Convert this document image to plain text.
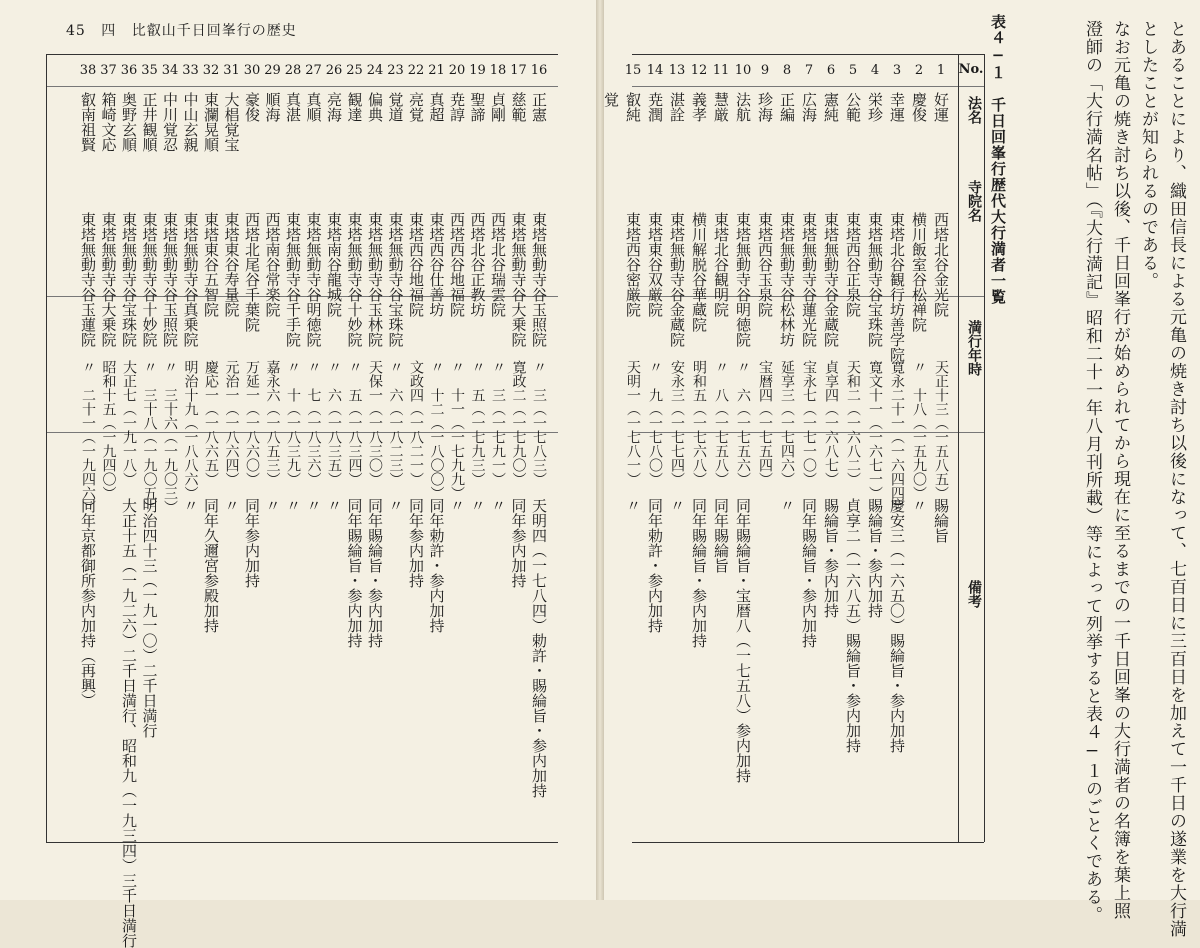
45 四 比叡山千日回峯行の歴史
16
正憲
東塔無動寺谷玉照院
〃　三（一七八三）
天明四（一七八四）勅許・賜綸旨・参内加持
17
慈範
東塔無動寺谷大乗院
寛政二（一七九〇）
同年参内加持
18
貞剛
西塔北谷瑞雲院
〃　三（一七九一）
〃
19
聖諦
西塔北谷正教坊
〃　五（一七九三）
〃
20
尭諄
西塔西谷地福院
〃　十一（一七九九）
〃
21
真超
東塔西谷仕善坊
〃　十二（一八〇〇）
同年勅許・参内加持
22
亮覚
東塔西谷地福院
文政四（一八二一）
同年参内加持
23
覚道
東塔無動寺谷宝珠院
〃　六（一八二三）
〃
24
偏典
東塔無動寺谷玉林院
天保一（一八三〇）
同年賜綸旨・参内加持
25
観達
東塔無動寺谷十妙院
〃　五（一八三四）
同年賜綸旨・参内加持
26
亮海
東塔南谷龍城院
〃　六（一八三五）
〃
27
真順
東塔無動寺谷明徳院
〃　七（一八三六）
〃
28
真湛
東塔無動寺谷千手院
〃　十（一八三九）
〃
29
順海
西塔南谷常楽院
嘉永六（一八五三）
〃
30
豪俊
西塔北尾谷千葉院
万延一（一八六〇）
同年参内加持
31
大椙覚宝
東塔東谷寿量院
元治一（一八六四）
〃
32
東瀾晃順
東塔東谷五智院
慶応一（一八六五）
同年久邇宮参殿加持
33
中山玄親
東塔無動寺谷真乗院
明治十九（一八八六）
〃
34
中川覚忍
東塔無動寺谷玉照院
〃　三十六（一九〇三）
35
正井観順
東塔無動寺谷十妙院
〃　三十八（一九〇五）
明治四十三（一九一〇）二千日満行
36
奥野玄順
東塔無動寺谷宝珠院
大正七（一九一八）
大正十五（一九二六）二千日満行、昭和九（一九三四）三千日満行
37
箱崎文応
東塔無動寺谷大乗院
昭和十五（一九四〇）
38
叡南祖賢
東塔無動寺谷玉蓮院
〃　二十一（一九四六）
同年京都御所参内加持（再興）	とあることにより、織田信長による元亀の焼き討ち以後になって、七百日に三百日を加えて一千日の遂業を大行満
としたことが知られるのである。
なお元亀の焼き討ち以後、千日回峯行が始められてから現在に至るまでの一千日回峯の大行満者の名簿を葉上照
澄師の「大行満名帖」（『大行満記』昭和二十一年八月刊所載）等によって列挙すると表４−１のごとくである。
表４−１　千日回峯行歴代大行満者一覧
No.
法名
寺院名
満行年時
備考
1
好運
西塔北谷金光院
天正十三（一五八五）
賜綸旨
2
慶俊
横川飯室谷松禅院
〃　十八（一五九〇）
〃
3
幸運
東塔北谷観行坊善学院
寛永二十一（一六四四）
慶安三（一六五〇）賜綸旨・参内加持
4
栄珍
東塔無動寺谷宝珠院
寛文十一（一六七一）
賜綸旨・参内加持
5
公範
東塔西谷正泉院
天和二（一六八二）
貞享二（一六八五）賜綸旨・参内加持
6
憲純
東塔無動寺谷金蔵院
貞享四（一六八七）
賜綸旨・参内加持
7
広海
東塔無動寺谷蓮光院
宝永七（一七一〇）
同年賜綸旨・参内加持
8
正編
東塔無動寺谷松林坊
延享三（一七四六）
〃
9
珍海
東塔西谷玉泉院
宝暦四（一七五四）
10
法航
東塔無動寺谷明徳院
〃　六（一七五六）
同年賜綸旨・宝暦八（一七五八）参内加持
11
慧厳
東塔北谷観明院
〃　八（一七五八）
同年賜綸旨
12
義孝
横川解脱谷華蔵院
明和五（一七六八）
同年賜綸旨・参内加持
13
湛詮
東塔無動寺谷金蔵院
安永三（一七七四）
〃
14
尭潤
東塔東谷双厳院
〃　九（一七八〇）
同年勅許・参内加持
15
叡純
東塔西谷密厳院
天明一（一七八一）
〃
覚
